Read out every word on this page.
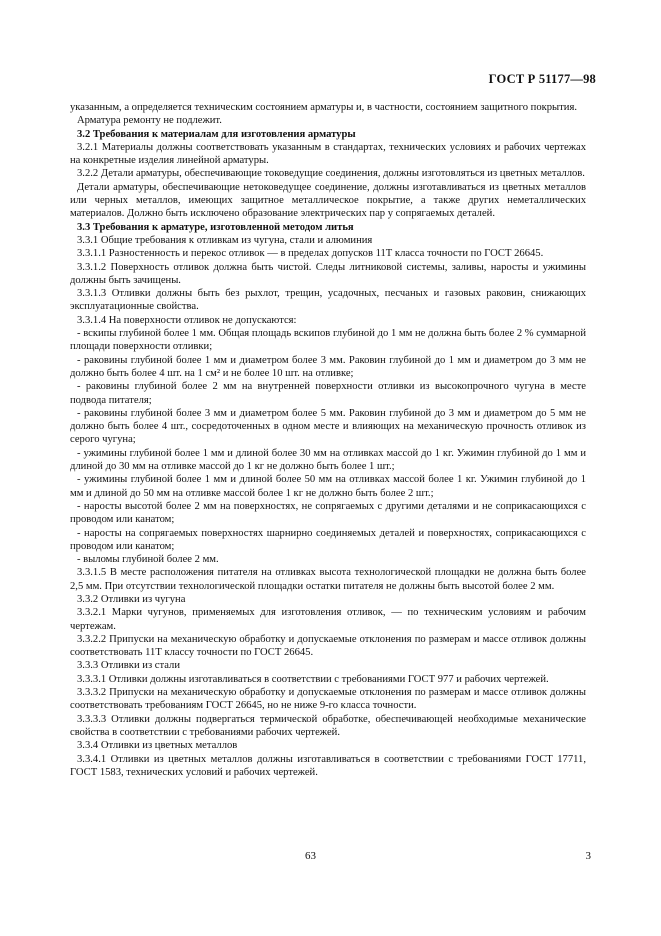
ГОСТ Р 51177—98

указанным, а определяется техническим состоянием арматуры и, в частности, состоянием защитного покрытия.

Арматура ремонту не подлежит.

3.2 Требования к материалам для изготовления арматуры

3.2.1 Материалы должны соответствовать указанным в стандартах, технических условиях и рабочих чертежах на конкретные изделия линейной арматуры.

3.2.2 Детали арматуры, обеспечивающие токоведущие соединения, должны изготовляться из цветных металлов.

Детали арматуры, обеспечивающие нетоковедущее соединение, должны изготавливаться из цветных металлов или черных металлов, имеющих защитное металлическое покрытие, а также других неметаллических материалов. Должно быть исключено образование электрических пар у сопрягаемых деталей.

3.3 Требования к арматуре, изготовленной методом литья

3.3.1 Общие требования к отливкам из чугуна, стали и алюминия

3.3.1.1 Разностенность и перекос отливок — в пределах допусков 11Т класса точности по ГОСТ 26645.

3.3.1.2 Поверхность отливок должна быть чистой. Следы литниковой системы, заливы, наросты и ужимины должны быть зачищены.

3.3.1.3 Отливки должны быть без рыхлот, трещин, усадочных, песчаных и газовых раковин, снижающих эксплуатационные свойства.

3.3.1.4 На поверхности отливок не допускаются:

- вскипы глубиной более 1 мм. Общая площадь вскипов глубиной до 1 мм не должна быть более 2 % суммарной площади поверхности отливки;

- раковины глубиной более 1 мм и диаметром более 3 мм. Раковин глубиной до 1 мм и диаметром до 3 мм не должно быть более 4 шт. на 1 см² и не более 10 шт. на отливке;

- раковины глубиной более 2 мм на внутренней поверхности отливки из высокопрочного чугуна в месте подвода питателя;

- раковины глубиной более 3 мм и диаметром более 5 мм. Раковин глубиной до 3 мм и диаметром до 5 мм не должно быть более 4 шт., сосредоточенных в одном месте и влияющих на механическую прочность отливок из серого чугуна;

- ужимины глубиной более 1 мм и длиной более 30 мм на отливках массой до 1 кг. Ужимин глубиной до 1 мм и длиной до 30 мм на отливке массой до 1 кг не должно быть более 1 шт.;

- ужимины глубиной более 1 мм и длиной более 50 мм на отливках массой более 1 кг. Ужимин глубиной до 1 мм и длиной до 50 мм на отливке массой более 1 кг не должно быть более 2 шт.;

- наросты высотой более 2 мм на поверхностях, не сопрягаемых с другими деталями и не соприкасающихся с проводом или канатом;

- наросты на сопрягаемых поверхностях шарнирно соединяемых деталей и поверхностях, соприкасающихся с проводом или канатом;

- выломы глубиной более 2 мм.

3.3.1.5 В месте расположения питателя на отливках высота технологической площадки не должна быть более 2,5 мм. При отсутствии технологической площадки остатки питателя не должны быть высотой более 2 мм.

3.3.2 Отливки из чугуна

3.3.2.1 Марки чугунов, применяемых для изготовления отливок, — по техническим условиям и рабочим чертежам.

3.3.2.2 Припуски на механическую обработку и допускаемые отклонения по размерам и массе отливок должны соответствовать 11Т классу точности по ГОСТ 26645.

3.3.3 Отливки из стали

3.3.3.1 Отливки должны изготавливаться в соответствии с требованиями ГОСТ 977 и рабочих чертежей.

3.3.3.2 Припуски на механическую обработку и допускаемые отклонения по размерам и массе отливок должны соответствовать требованиям ГОСТ 26645, но не ниже 9-го класса точности.

3.3.3.3 Отливки должны подвергаться термической обработке, обеспечивающей необходимые механические свойства в соответствии с требованиями рабочих чертежей.

3.3.4 Отливки из цветных металлов

3.3.4.1 Отливки из цветных металлов должны изготавливаться в соответствии с требованиями ГОСТ 17711, ГОСТ 1583, технических условий и рабочих чертежей.

63	3
